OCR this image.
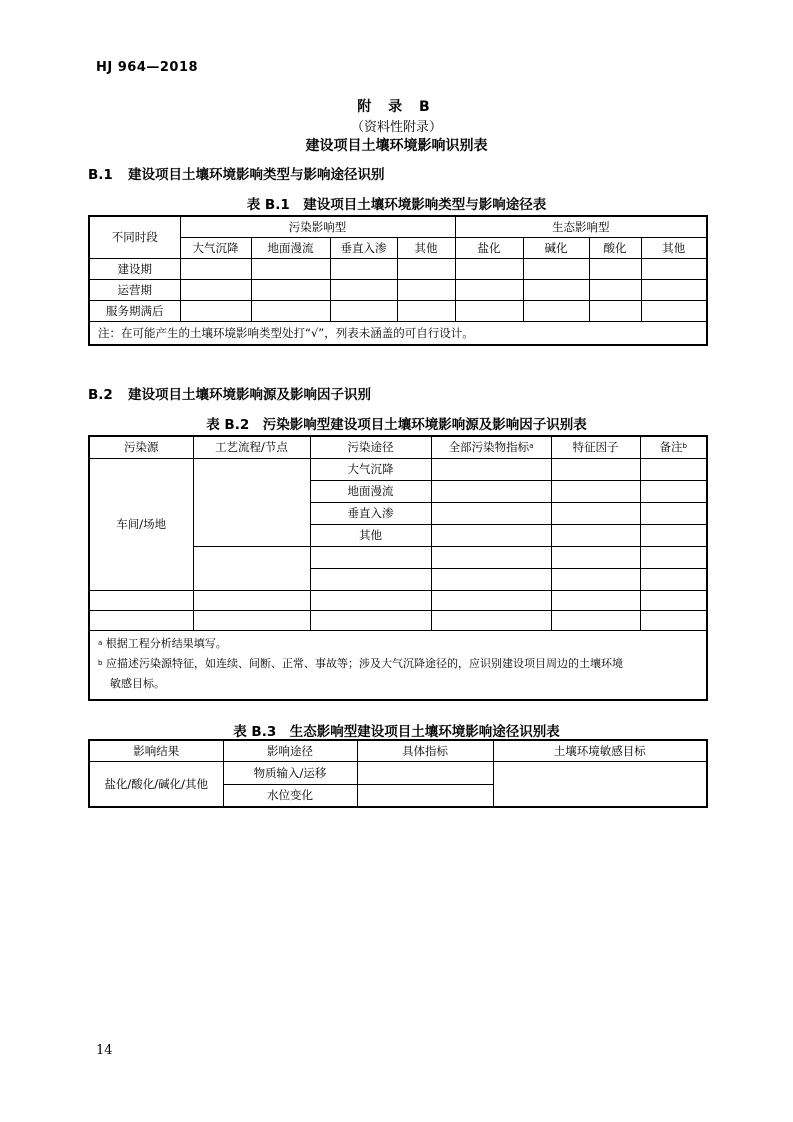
HJ 964—2018
附 录 B
（资料性附录）
建设项目土壤环境影响识别表
B.1 建设项目土壤环境影响类型与影响途径识别
表 B.1　建设项目土壤环境影响类型与影响途径表
不同时段	污染影响型				生态影响型			
	大气沉降	地面漫流	垂直入渗	其他	盐化	碱化	酸化	其他
建设期								
运营期								
服务期满后								
注：在可能产生的土壤环境影响类型处打“√”，列表未涵盖的可自行设计。								
B.2 建设项目土壤环境影响源及影响因子识别
表 B.2　污染影响型建设项目土壤环境影响源及影响因子识别表
污染源	工艺流程/节点	污染途径	全部污染物指标$^a$	特征因子	备注$^b$
车间/场地		大气沉降			
		地面漫流			
		垂直入渗			
		其他			

$^a$ 根据工程分析结果填写。

$^b$ 应描述污染源特征，如连续、间断、正常、事故等；涉及大气沉降途径的，应识别建设项目周边的土壤环境

敏感目标。					

表 B.3　生态影响型建设项目土壤环境影响途径识别表
影响结果	影响途径	具体指标	土壤环境敏感目标
盐化/酸化/碱化/其他	物质输入/运移		
	水位变化		
14
